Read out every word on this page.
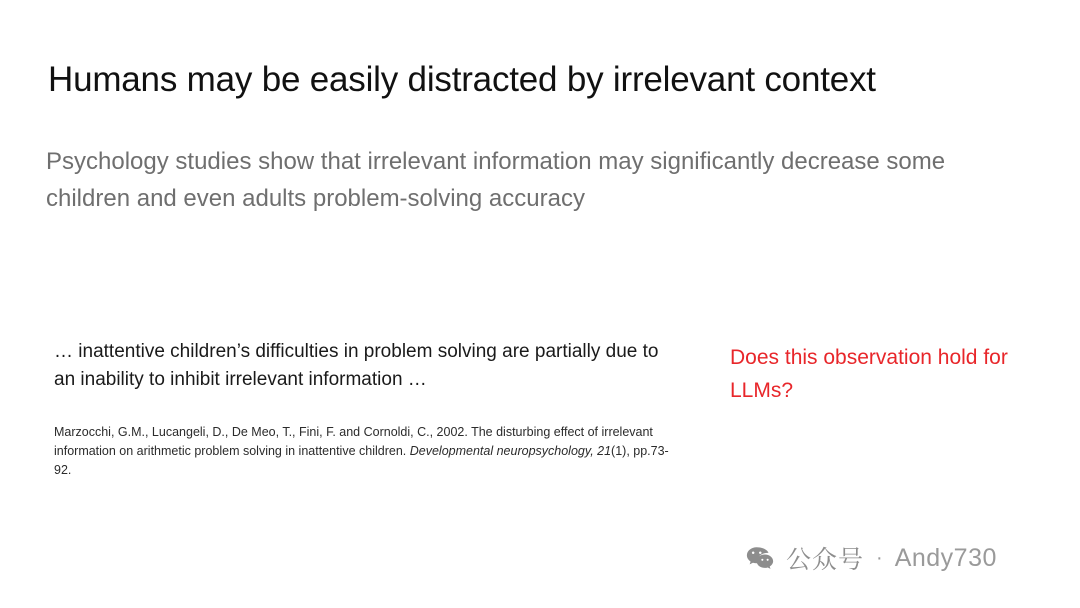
Humans may be easily distracted by irrelevant context
Psychology studies show that irrelevant information may significantly decrease some children and even adults problem-solving accuracy
… inattentive children’s difficulties in problem solving are partially due to an inability to inhibit irrelevant information …
Marzocchi, G.M., Lucangeli, D., De Meo, T., Fini, F. and Cornoldi, C., 2002. The disturbing effect of irrelevant information on arithmetic problem solving in inattentive children. Developmental neuropsychology, 21(1), pp.73-92.
Does this observation hold for LLMs?
公众号 · Andy730
